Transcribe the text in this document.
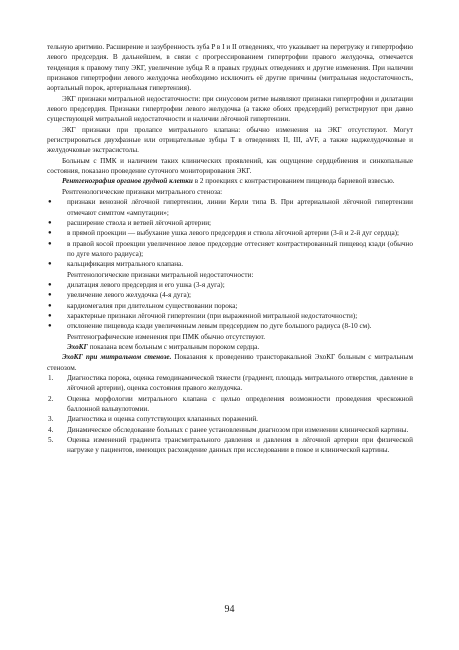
тельную аритмию. Расширение и зазубренность зуба P в I и II отведениях, что указывает на перегрузку и гипертрофию левого предсердия. В дальнейшем, в связи с прогрессированием гипертрофии правого желудочка, отмечается тенденция к правому типу ЭКГ, увеличение зубца R в правых грудных отведениях и другие изменения. При наличии признаков гипертрофии левого желудочка необходимо исключить её другие причины (митральная недостаточность, аортальный порок, артериальная гипертензия).

ЭКГ признаки митральной недостаточности: при синусовом ритме выявляют признаки гипертрофии и дилатации левого предсердия. Признаки гипертрофии левого желудочка (а также обоих предсердий) регистрируют при давно существующей митральной недостаточности и наличии лёгочной гипертензии.

ЭКГ признаки при пролапсе митрального клапана: обычно изменения на ЭКГ отсутствуют. Могут регистрироваться двухфазные или отрицательные зубцы T в отведениях II, III, aVF, а также наджелудочковые и желудочковые экстрасистолы.

Больным с ПМК и наличием таких клинических проявлений, как ощущение сердцебиения и синкопальные состояния, показано проведение суточного мониторирования ЭКГ.

Рентгенография органов грудной клетки в 2 проекциях с контрастированием пищевода бариевой взвесью.

Рентгенологические признаки митрального стеноза:

● признаки венозной лёгочной гипертензии, линии Керли типа B. При артериальной лёгочной гипертензии отмечают симптом «ампутации»;

● расширение ствола и ветвей лёгочной артерии;

● в прямой проекции — выбухание ушка левого предсердия и ствола лёгочной артерии (3-й и 2-й дуг сердца);

● в правой косой проекции увеличенное левое предсердие оттесняет контрастированный пищевод кзади (обычно по дуге малого радиуса);

● кальцификация митрального клапана.

Рентгенологические признаки митральной недостаточности:

● дилатация левого предсердия и его ушка (3-я дуга);

● увеличение левого желудочка (4-я дуга);

● кардиомегалия при длительном существовании порока;

● характерные признаки лёгочной гипертензии (при выраженной митральной недостаточности);

● отклонение пищевода кзади увеличенным левым предсердием по дуге большого радиуса (8-10 см).

Рентгенографические изменения при ПМК обычно отсутствуют.

ЭхоКГ показана всем больным с митральным пороком сердца.

ЭхоКГ при митральном стенозе. Показания к проведению трансторакальной ЭхоКГ больным с митральным стенозом.

1. Диагностика порока, оценка гемодинамической тяжести (градиент, площадь митрального отверстия, давление в лёгочной артерии), оценка состояния правого желудочка.

2. Оценка морфологии митрального клапана с целью определения возможности проведения чрескожной баллонной вальвулотомии.

3. Диагностика и оценка сопутствующих клапанных поражений.

4. Динамическое обследование больных с ранее установленным диагнозом при изменении клинической картины.

5. Оценка изменений градиента трансмитрального давления и давления в лёгочной артерии при физической нагрузке у пациентов, имеющих расхождение данных при исследовании в покое и клинической картины.

94
